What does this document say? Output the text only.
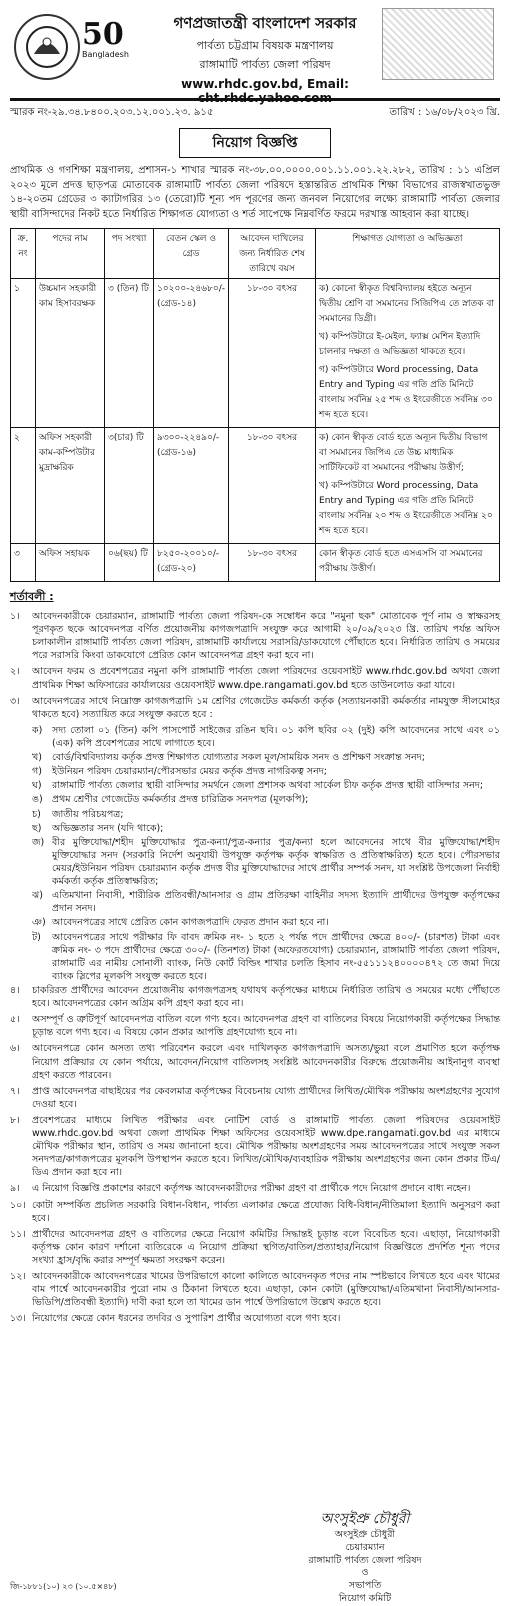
50
Bangladesh
গণপ্রজাতন্ত্রী বাংলাদেশ সরকার
পার্বত্য চট্টগ্রাম বিষয়ক মন্ত্রণালয়
রাঙ্গামাটি পার্বত্য জেলা পরিষদ
www.rhdc.gov.bd, Email: cht.rhdc.yahoo.com
স্মারক নং-২৯.৩৪.৮৪০০.২০৩.১২.০০১.২৩. ৯১৫	তারিখ : ১৬/০৮/২০২৩ খ্রি.
নিয়োগ বিজ্ঞপ্তি
প্রাথমিক ও গণশিক্ষা মন্ত্রণালয়, প্রশাসন-১ শাখার স্মারক নং-৩৮.০০.০০০০.০০১.১১.০০১.২২.২৮২, তারিখ : ১১ এপ্রিল ২০২৩ মূলে প্রদত্ত ছাড়পত্র মোতাবেক রাঙ্গামাটি পার্বত্য জেলা পরিষদে হস্তান্তরিত প্রাথমিক শিক্ষা বিভাগের রাজস্বখাতভুক্ত ১৪-২০তম গ্রেডের ৩ ক্যাটাগরির ১৩ (তেরো)টি শূন্য পদ পূরণের জন্য জনবল নিয়োগের লক্ষ্যে রাঙ্গামাটি পার্বত্য জেলার স্থায়ী বাসিন্দাদের নিকট হতে নির্ধারিত শিক্ষাগত যোগ্যতা ও শর্ত সাপেক্ষে নিম্নবর্ণিত ফরমে দরখাস্ত আহবান করা যাচ্ছে।
ক্র. নং	পদের নাম	পদ সংখ্যা	বেতন স্কেল ও গ্রেড	আবেদন দাখিলের জন্য নির্ধারিত শেষ তারিখে বয়স	শিক্ষাগত যোগ্যতা ও অভিজ্ঞতা
১	উচ্চমান সহকারী কাম হিসাবরক্ষক	৩ (তিন) টি	১০২০০-২৪৬৮০/- (গ্রেড-১৪)	১৮-৩০ বৎসর	ক) কোনো স্বীকৃত বিশ্ববিদ্যালয় হইতে অন্যূন দ্বিতীয় শ্রেণি বা সমমানের সিজিপিএ তে স্নাতক বা সমমানের ডিগ্রী।

খ) কম্পিউটারে ই-মেইল, ফ্যাক্স মেশিন ইত্যাদি চালনার দক্ষতা ও অভিজ্ঞতা থাকতে হবে।

গ) কম্পিউটারে Word processing, Data Entry and Typing এর গতি প্রতি মিনিটে বাংলায় সর্বনিম্ন ২৫ শব্দ ও ইংরেজীতে সর্বনিম্ন ৩০ শব্দ হতে হবে।

২	অফিস সহকারী কাম-কম্পিউটার মুদ্রাক্ষরিক	৩(চার) টি	৯৩০০-২২৪৯০/- (গ্রেড-১৬)	১৮-৩০ বৎসর	ক) কোন স্বীকৃত বোর্ড হতে অন্যূন দ্বিতীয় বিভাগ বা সমমানের জিপিএ তে উচ্চ মাধ্যমিক সার্টিফিকেট বা সমমানের পরীক্ষায় উত্তীর্ণ;

খ) কম্পিউটারে Word processing, Data Entry and Typing এর গতি প্রতি মিনিটে বাংলায় সর্বনিম্ন ২০ শব্দ ও ইংরেজীতে সর্বনিম্ন ২০ শব্দ হতে হবে।

৩	অফিস সহায়ক	০৬(ছয়) টি	৮২৫০-২০০১০/- (গ্রেড-২০)	১৮-৩০ বৎসর	কোন স্বীকৃত বোর্ড হতে এসএসসি বা সমমানের পরীক্ষায় উত্তীর্ণ।

শর্তাবলী :
১।	আবেদনকারীকে চেয়ারম্যান, রাঙ্গামাটি পার্বত্য জেলা পরিষদ-কে সম্বোধন করে "নমুনা ছক" মোতাবেক পূর্ণ নাম ও স্বাক্ষরসহ পূরণকৃত ছকে আবেদনপত্র বর্ণিত প্রয়োজনীয় কাগজপত্রাদি সংযুক্ত করে আগামী ২০/০৯/২০২৩ খ্রি. তারিখ পর্যন্ত অফিস চলাকালীন রাঙ্গামাটি পার্বত্য জেলা পরিষদ, রাঙ্গামাটি কার্যালয়ে সরাসরি/ডাকযোগে পৌঁছাতে হবে। নির্ধারিত তারিখ ও সময়ের পরে সরাসরি কিংবা ডাকযোগে প্রেরিত কোন আবেদনপত্র গ্রহণ করা হবে না।
২।	আবেদন ফরম ও প্রবেশপত্রের নমুনা কপি রাঙ্গামাটি পার্বত্য জেলা পরিষদের ওয়েবসাইট www.rhdc.gov.bd অথবা জেলা প্রাথমিক শিক্ষা অফিসারের কার্যালয়ের ওয়েবসাইট www.dpe.rangamati.gov.bd হতে ডাউনলোড করা যাবে।
৩।	আবেদনপত্রের সাথে নিম্নোক্ত কাগজপত্রাদি ১ম শ্রেণির গেজেটেড কর্মকর্তা কর্তৃক (সত্যায়নকারী কর্মকর্তার নামযুক্ত সীলমোহর থাকতে হবে) সত্যায়িত করে সংযুক্ত করতে হবে :
ক)	সদ্য তোলা ০১ (তিন) কপি পাসপোর্ট সাইজের রঙিন ছবি। ০১ কপি ছবির ০২ (দুই) কপি আবেদনের সাথে এবং ০১ (এক) কপি প্রবেশপত্রের সাথে লাগাতে হবে।
খ)	বোর্ড/বিশ্ববিদ্যালয় কর্তৃক প্রদত্ত শিক্ষাগত যোগ্যতার সকল মূল/সাময়িক সনদ ও প্রশিক্ষণ সংক্রান্ত সনদ;
গ)	ইউনিয়ন পরিষদ চেয়ারম্যান/পৌরসভার মেয়র কর্তৃক প্রদত্ত নাগরিকত্ব সনদ;
ঘ)	রাঙ্গামাটি পার্বত্য জেলার স্থায়ী বাসিন্দার সমর্থনে জেলা প্রশাসক অথবা সার্কেল চীফ কর্তৃক প্রদত্ত স্থায়ী বাসিন্দার সনদ;
ঙ) প্রথম শ্রেণীর গেজেটেড কর্মকর্তার প্রদত্ত চারিত্রিক সনদপত্র (মূলকপি);
চ)	জাতীয় পরিচয়পত্র;
ছ)	অভিজ্ঞতার সনদ (যদি থাকে);
জ) বীর মুক্তিযোদ্ধা/শহীদ মুক্তিযোদ্ধার পুত্র-কন্যা/পুত্র-কন্যার পুত্র/কন্যা হলে আবেদনের সাথে বীর মুক্তিযোদ্ধা/শহীদ মুক্তিযোদ্ধার সনদ (সরকারি নির্দেশ অনুযায়ী উপযুক্ত কর্তৃপক্ষ কর্তৃক স্বাক্ষরিত ও প্রতিস্বাক্ষরিত) হতে হবে। পৌরসভার মেয়র/ইউনিয়ন পরিষদ চেয়ারম্যান কর্তৃক প্রদত্ত বীর মুক্তিযোদ্ধাদের সাথে প্রার্থীর সম্পর্ক সনদ, যা সংশ্লিষ্ট উপজেলা নির্বাহী কর্মকর্তা কর্তৃক প্রতিস্বাক্ষরিত;
ঝ) এতিমখানা নিবাসী, শারীরিক প্রতিবন্ধী/আনসার ও গ্রাম প্রতিরক্ষা বাহিনীর সদস্য ইত্যাদি প্রার্থীদের উপযুক্ত কর্তৃপক্ষের প্রদান সনদ।
ঞ) আবেদনপত্রের সাথে প্রেরিত কোন কাগজপত্রাদি ফেরত প্রদান করা হবে না।
ট)	আবেদনপত্রের সাথে পরীক্ষার ফি বাবদ ক্রমিক নং- ১ হতে ২ পর্যন্ত পদে প্রার্থীদের ক্ষেত্রে ৪০০/- (চারশত) টাকা এবং ক্রমিক নং- ৩ পদে প্রার্থীদের ক্ষেত্রে ৩০০/- (তিনশত) টাকা (অফেরতযোগ্য) চেয়ারম্যান, রাঙ্গামাটি পার্বত্য জেলা পরিষদ, রাঙ্গামাটি এর নামীয় সোনালী ব্যাংক, নিউ কোর্ট বিল্ডিং শাখার চলতি হিসাব নং-৫৫১১১২৪০০০০৪৭২ তে জমা দিয়ে ব্যাংক স্লিপের মূলকপি সংযুক্ত করতে হবে।
৪।	চাকরিরত প্রার্থীদের আবেদন প্রয়োজনীয় কাগজপত্রসহ যথাযথ কর্তৃপক্ষের মাধ্যমে নির্ধারিত তারিখ ও সময়ের মধ্যে পৌঁছাতে হবে। আবেদনপত্রের কোন অগ্রিম কপি গ্রহণ করা হবে না।
৫।	অসম্পূর্ণ ও ত্রুটিপূর্ণ আবেদনপত্র বাতিল বলে গণ্য হবে। আবেদনপত্র গ্রহণ বা বাতিলের বিষয়ে নিয়োগকারী কর্তৃপক্ষের সিদ্ধান্ত চূড়ান্ত বলে গণ্য হবে। এ বিষয়ে কোন প্রকার আপত্তি গ্রহণযোগ্য হবে না।
৬।	আবেদনপত্রে কোন অসত্য তথ্য পরিবেশন করলে এবং দাখিলকৃত কাগজপত্রাদি অসত্য/ভুয়া বলে প্রমাণিত হলে কর্তৃপক্ষ নিয়োগ প্রক্রিয়ার যে কোন পর্যায়ে, আবেদন/নিয়োগ বাতিলসহ সংশ্লিষ্ট আবেদনকারীর বিরুদ্ধে প্রয়োজনীয় আইনানুগ ব্যবস্থা গ্রহণ করতে পারবেন।
৭।	প্রাপ্ত আবেদনপত্র বাছাইয়ের পর কেবলমাত্র কর্তৃপক্ষের বিবেচনায় যোগ্য প্রার্থীদের লিখিত/মৌখিক পরীক্ষায় অংশগ্রহণের সুযোগ দেওয়া হবে।
৮।	প্রবেশপত্রের মাধ্যমে লিখিত পরীক্ষার এবং নোটিশ বোর্ড ও রাঙ্গামাটি পার্বত্য জেলা পরিষদের ওয়েবসাইট www.rhdc.gov.bd অথবা জেলা প্রাথমিক শিক্ষা অফিসের ওয়েবসাইট www.dpe.rangamati.gov.bd এর মাধ্যমে মৌখিক পরীক্ষার স্থান, তারিখ ও সময় জানানো হবে। মৌখিক পরীক্ষায় অংশগ্রহণের সময় আবেদনপত্রের সাথে সংযুক্ত সকল সনদপত্র/কাগজপত্রের মূলকপি উপস্থাপন করতে হবে। লিখিত/মৌখিক/ব্যবহারিক পরীক্ষায় অংশগ্রহণের জন্য কোন প্রকার টিএ/ডিএ প্রদান করা হবে না।
৯।	এ নিয়োগ বিজ্ঞপ্তি প্রকাশের কারণে কর্তৃপক্ষ আবেদনকারীদের পরীক্ষা গ্রহণ বা প্রার্থীকে পদে নিয়োগ প্রদানে বাধ্য নহেন।
১০। কোটা সম্পর্কিত প্রচলিত সরকারি বিধান-বিধান, পার্বত্য এলাকার ক্ষেত্রে প্রযোজ্য বিধি-বিধান/নীতিমালা ইত্যাদি অনুসরণ করা হবে।
১১। প্রার্থীদের আবেদনপত্র গ্রহণ ও বাতিলের ক্ষেত্রে নিয়োগ কমিটির সিদ্ধান্তই চূড়ান্ত বলে বিবেচিত হবে। এছাড়া, নিয়োগকারী কর্তৃপক্ষ কোন কারণ দর্শানো ব্যতিরেকে এ নিয়োগ প্রক্রিয়া স্থগিত/বাতিল/প্রত্যাহার/নিয়োগ বিজ্ঞপ্তিতে প্রদর্শিত শূন্য পদের সংখ্যা হ্রাস/বৃদ্ধি করার সম্পূর্ণ ক্ষমতা সংরক্ষণ করেন।
১২। আবেদনকারীকে আবেদনপত্রের খামের উপরিভাগে কালো কালিতে আবেদনকৃত পদের নাম স্পষ্টভাবে লিখতে হবে এবং খামের বাম পার্শ্বে আবেদনকারীর পুরো নাম ও ঠিকানা লিখতে হবে। এছাড়া, কোন কোটা (মুক্তিযোদ্ধা/এতিমখানা নিবাসী/আনসার-ভিডিপি/প্রতিবন্ধী ইত্যাদি) দাবী করা হলে তা খামের ডান পার্শ্বে উপরিভাগে উল্লেখ করতে হবে।
১৩। নিয়োগের ক্ষেত্রে কোন ধরনের তদবির ও সুপারিশ প্রার্থীর অযোগ্যতা বলে গণ্য হবে।
অংসুইপ্রু চৌধুরী
অংসুইপ্রু চৌধুরী
চেয়ারম্যান
রাঙ্গামাটি পার্বত্য জেলা পরিষদ
ও
সভাপতি
নিয়োগ কমিটি
জি-১৮৮১(১০) ২৩ (১০.৫×৪৮)
